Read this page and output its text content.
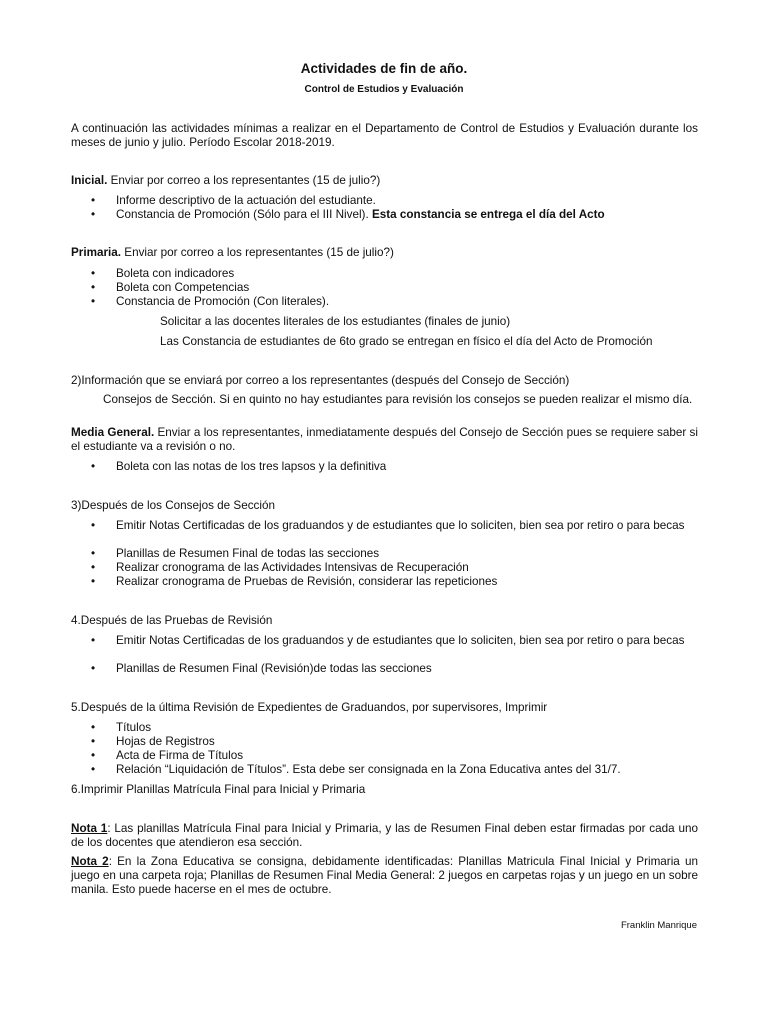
Actividades de fin de año.
Control de Estudios y Evaluación
A continuación las actividades mínimas a realizar en el Departamento de Control de Estudios y Evaluación durante los meses de junio y julio. Período Escolar 2018-2019.
Inicial. Enviar por correo a los representantes (15 de julio?)
• Informe descriptivo de la actuación del estudiante.
• Constancia de Promoción (Sólo para el III Nivel). Esta constancia se entrega el día del Acto
Primaria. Enviar por correo a los representantes (15 de julio?)
• Boleta con indicadores
• Boleta con Competencias
• Constancia de Promoción (Con literales).
Solicitar a las docentes literales de los estudiantes (finales de junio)
Las Constancia de estudiantes de 6to grado se entregan en físico el día del Acto de Promoción
2)Información que se enviará por correo a los representantes (después del Consejo de Sección)
Consejos de Sección. Si en quinto no hay estudiantes para revisión los consejos se pueden realizar el mismo día.
Media General. Enviar a los representantes, inmediatamente después del Consejo de Sección pues se requiere saber si el estudiante va a revisión o no.
• Boleta con las notas de los tres lapsos y la definitiva
3)Después de los Consejos de Sección
• Emitir Notas Certificadas de los graduandos y de estudiantes que lo soliciten, bien sea por retiro o para becas
• Planillas de Resumen Final de todas las secciones
• Realizar cronograma de las Actividades Intensivas de Recuperación
• Realizar cronograma de Pruebas de Revisión, considerar las repeticiones
4.Después de las Pruebas de Revisión
• Emitir Notas Certificadas de los graduandos y de estudiantes que lo soliciten, bien sea por retiro o para becas
• Planillas de Resumen Final (Revisión)de todas las secciones
5.Después de la última Revisión de Expedientes de Graduandos, por supervisores, Imprimir
• Títulos
• Hojas de Registros
• Acta de Firma de Títulos
• Relación “Liquidación de Títulos”. Esta debe ser consignada en la Zona Educativa antes del 31/7.
6.Imprimir Planillas Matrícula Final para Inicial y Primaria
Nota 1: Las planillas Matrícula Final para Inicial y Primaria, y las de Resumen Final deben estar firmadas por cada uno de los docentes que atendieron esa sección.
Nota 2: En la Zona Educativa se consigna, debidamente identificadas: Planillas Matricula Final Inicial y Primaria un juego en una carpeta roja; Planillas de Resumen Final Media General: 2 juegos en carpetas rojas y un juego en un sobre manila. Esto puede hacerse en el mes de octubre.
Franklin Manrique
